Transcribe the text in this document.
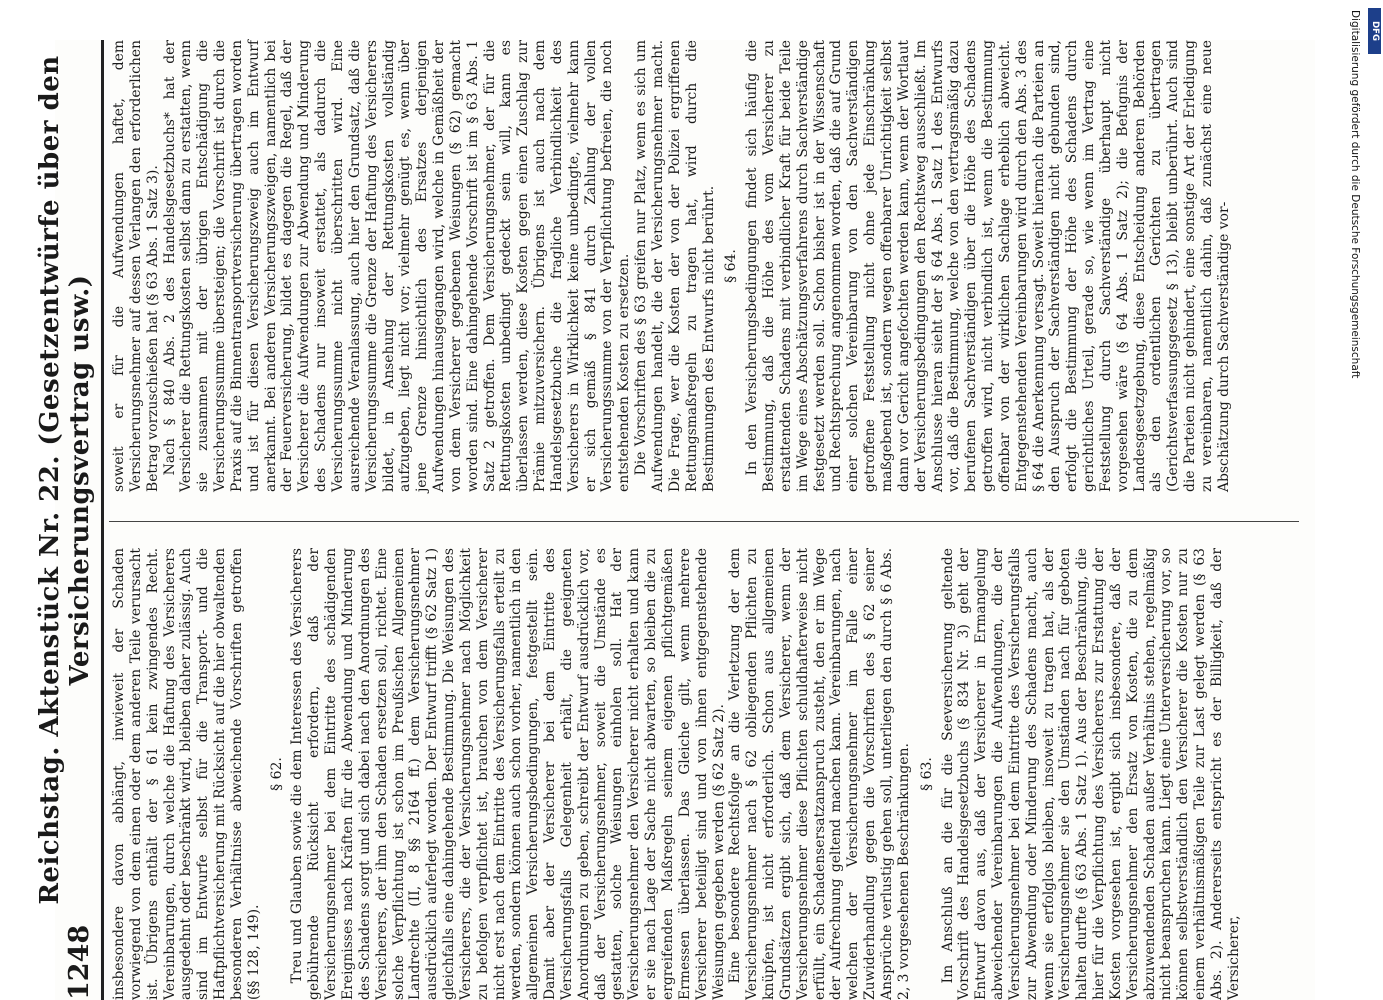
1248
Reichstag. Aktenstück Nr. 22. (Gesetzentwürfe über den Versicherungsvertrag usw.)

insbesondere davon abhängt, inwieweit der Schaden vorwiegend von dem einen oder dem anderen Teile verursacht ist. Übrigens enthält der § 61 kein zwingendes Recht. Vereinbarungen, durch welche die Haftung des Versicherers ausgedehnt oder beschränkt wird, bleiben daher zulässig. Auch sind im Entwurfe selbst für die Transport- und die Haftpflichtversicherung mit Rücksicht auf die hier obwaltenden besonderen Verhältnisse abweichende Vorschriften getroffen (§§ 128, 149).

§ 62. Treu und Glauben sowie die dem Interessen des Versicherers gebührende Rücksicht erfordern, daß der Versicherungsnehmer bei dem Eintritte des schädigenden Ereignisses nach Kräften für die Abwendung und Minderung des Schadens sorgt und sich dabei nach den Anordnungen des Versicherers, der ihm den Schaden ersetzen soll, richtet. Eine solche Verpflichtung ist schon im Preußischen Allgemeinen Landrechte (II, 8 §§ 2164 ff.) dem Versicherungsnehmer ausdrücklich auferlegt worden. Der Entwurf trifft (§ 62 Satz 1) gleichfalls eine dahingehende Bestimmung. Die Weisungen des Versicherers, die der Versicherungsnehmer nach Möglichkeit zu befolgen verpflichtet ist, brauchen von dem Versicherer nicht erst nach dem Eintritte des Versicherungsfalls erteilt zu werden, sondern können auch schon vorher, namentlich in den allgemeinen Versicherungsbedingungen, festgestellt sein. Damit aber der Versicherer bei dem Eintritte des Versicherungsfalls Gelegenheit erhält, die geeigneten Anordnungen zu geben, schreibt der Entwurf ausdrücklich vor, daß der Versicherungsnehmer, soweit die Umstände es gestatten, solche Weisungen einholen soll. Hat der Versicherungsnehmer den Versicherer nicht erhalten und kann er sie nach Lage der Sache nicht abwarten, so bleiben die zu ergreifenden Maßregeln seinem eigenen pflichtgemäßen Ermessen überlassen. Das Gleiche gilt, wenn mehrere Versicherer beteiligt sind und von ihnen entgegenstehende Weisungen gegeben werden (§ 62 Satz 2). Eine besondere Rechtsfolge an die Verletzung der dem Versicherungsnehmer nach § 62 obliegenden Pflichten zu knüpfen, ist nicht erforderlich. Schon aus allgemeinen Grundsätzen ergibt sich, daß dem Versicherer, wenn der Versicherungsnehmer diese Pflichten schuldhafterweise nicht erfüllt, ein Schadensersatzanspruch zusteht, den er im Wege der Aufrechnung geltend machen kann. Vereinbarungen, nach welchen der Versicherungsnehmer im Falle einer Zuwiderhandlung gegen die Vorschriften des § 62 seiner Ansprüche verlustig gehen soll, unterliegen den durch § 6 Abs. 2, 3 vorgesehenen Beschränkungen. § 63. Im Anschluß an die für die Seeversicherung geltende Vorschrift des Handelsgesetzbuchs (§ 834 Nr. 3) geht der Entwurf davon aus, daß der Versicherer in Ermangelung abweichender Vereinbarungen die Aufwendungen, die der Versicherungsnehmer bei dem Eintritte des Versicherungsfalls zur Abwendung oder Minderung des Schadens macht, auch wenn sie erfolglos bleiben, insoweit zu tragen hat, als der Versicherungsnehmer sie den Umständen nach für geboten halten durfte (§ 63 Abs. 1 Satz 1). Aus der Beschränkung, die hier für die Verpflichtung des Versicherers zur Erstattung der Kosten vorgesehen ist, ergibt sich insbesondere, daß der Versicherungsnehmer den Ersatz von Kosten, die zu dem abzuwendenden Schaden außer Verhältnis stehen, regelmäßig nicht beanspruchen kann. Liegt eine Unterversicherung vor, so können selbstverständlich den Versicherer die Kosten nur zu einem verhältnismäßigen Teile zur Last gelegt werden (§ 63 Abs. 2). Andererseits entspricht es der Billigkeit, daß der Versicherer,

soweit er für die Aufwendungen haftet, dem Versicherungsnehmer auf dessen Verlangen den erforderlichen Betrag vorzuschießen hat (§ 63 Abs. 1 Satz 3). Nach § 840 Abs. 2 des Handelsgesetzbuchs* hat der Versicherer die Rettungskosten selbst dann zu erstatten, wenn sie zusammen mit der übrigen Entschädigung die Versicherungssumme übersteigen; die Vorschrift ist durch die Praxis auf die Binnentransportversicherung übertragen worden und ist für diesen Versicherungszweig auch im Entwurf anerkannt. Bei anderen Versicherungszweigen, namentlich bei der Feuerversicherung, bildet es dagegen die Regel, daß der Versicherer die Aufwendungen zur Abwendung und Minderung des Schadens nur insoweit erstattet, als dadurch die Versicherungssumme nicht überschritten wird. Eine ausreichende Veranlassung, auch hier den Grundsatz, daß die Versicherungssumme die Grenze der Haftung des Versicherers bildet, in Ansehung der Rettungskosten vollständig aufzugeben, liegt nicht vor; vielmehr genügt es, wenn über jene Grenze hinsichtlich des Ersatzes derjenigen Aufwendungen hinausgegangen wird, welche in Gemäßheit der von dem Versicherer gegebenen Weisungen (§ 62) gemacht worden sind. Eine dahingehende Vorschrift ist im § 63 Abs. 1 Satz 2 getroffen. Dem Versicherungsnehmer, der für die Rettungskosten unbedingt gedeckt sein will, kann es überlassen werden, diese Kosten gegen einen Zuschlag zur Prämie mitzuversichern. Übrigens ist auch nach dem Handelsgesetzbuche die fragliche Verbindlichkeit des Versicherers in Wirklichkeit keine unbedingte, vielmehr kann er sich gemäß § 841 durch Zahlung der vollen Versicherungssumme von der Verpflichtung befreien, die noch entstehenden Kosten zu ersetzen. Die Vorschriften des § 63 greifen nur Platz, wenn es sich um Aufwendungen handelt, die der Versicherungsnehmer macht. Die Frage, wer die Kosten der von der Polizei ergriffenen Rettungsmaßregeln zu tragen hat, wird durch die Bestimmungen des Entwurfs nicht berührt. § 64. In den Versicherungsbedingungen findet sich häufig die Bestimmung, daß die Höhe des vom Versicherer zu erstattenden Schadens mit verbindlicher Kraft für beide Teile im Wege eines Abschätzungsverfahrens durch Sachverständige festgesetzt werden soll. Schon bisher ist in der Wissenschaft und Rechtsprechung angenommen worden, daß die auf Grund einer solchen Vereinbarung von den Sachverständigen getroffene Feststellung nicht ohne jede Einschränkung maßgebend ist, sondern wegen offenbarer Unrichtigkeit selbst dann vor Gericht angefochten werden kann, wenn der Wortlaut der Versicherungsbedingungen den Rechtsweg ausschließt. Im Anschlusse hieran sieht der § 64 Abs. 1 Satz 1 des Entwurfs vor, daß die Bestimmung, welche von den vertragsmäßig dazu berufenen Sachverständigen über die Höhe des Schadens getroffen wird, nicht verbindlich ist, wenn die Bestimmung offenbar von der wirklichen Sachlage erheblich abweicht. Entgegenstehenden Vereinbarungen wird durch den Abs. 3 des § 64 die Anerkennung versagt. Soweit hiernach die Parteien an den Ausspruch der Sachverständigen nicht gebunden sind, erfolgt die Bestimmung der Höhe des Schadens durch gerichtliches Urteil, gerade so, wie wenn im Vertrag eine Feststellung durch Sachverständige überhaupt nicht vorgesehen wäre (§ 64 Abs. 1 Satz 2); die Befugnis der Landesgesetzgebung, diese Entscheidung anderen Behörden als den ordentlichen Gerichten zu übertragen (Gerichtsverfassungsgesetz § 13), bleibt unberührt. Auch sind die Parteien nicht gehindert, eine sonstige Art der Erledigung zu vereinbaren, namentlich dahin, daß zunächst eine neue Abschätzung durch Sachverständige vor-	Digitalisierung gefördert durch die Deutsche Forschungsgemeinschaft DFG
